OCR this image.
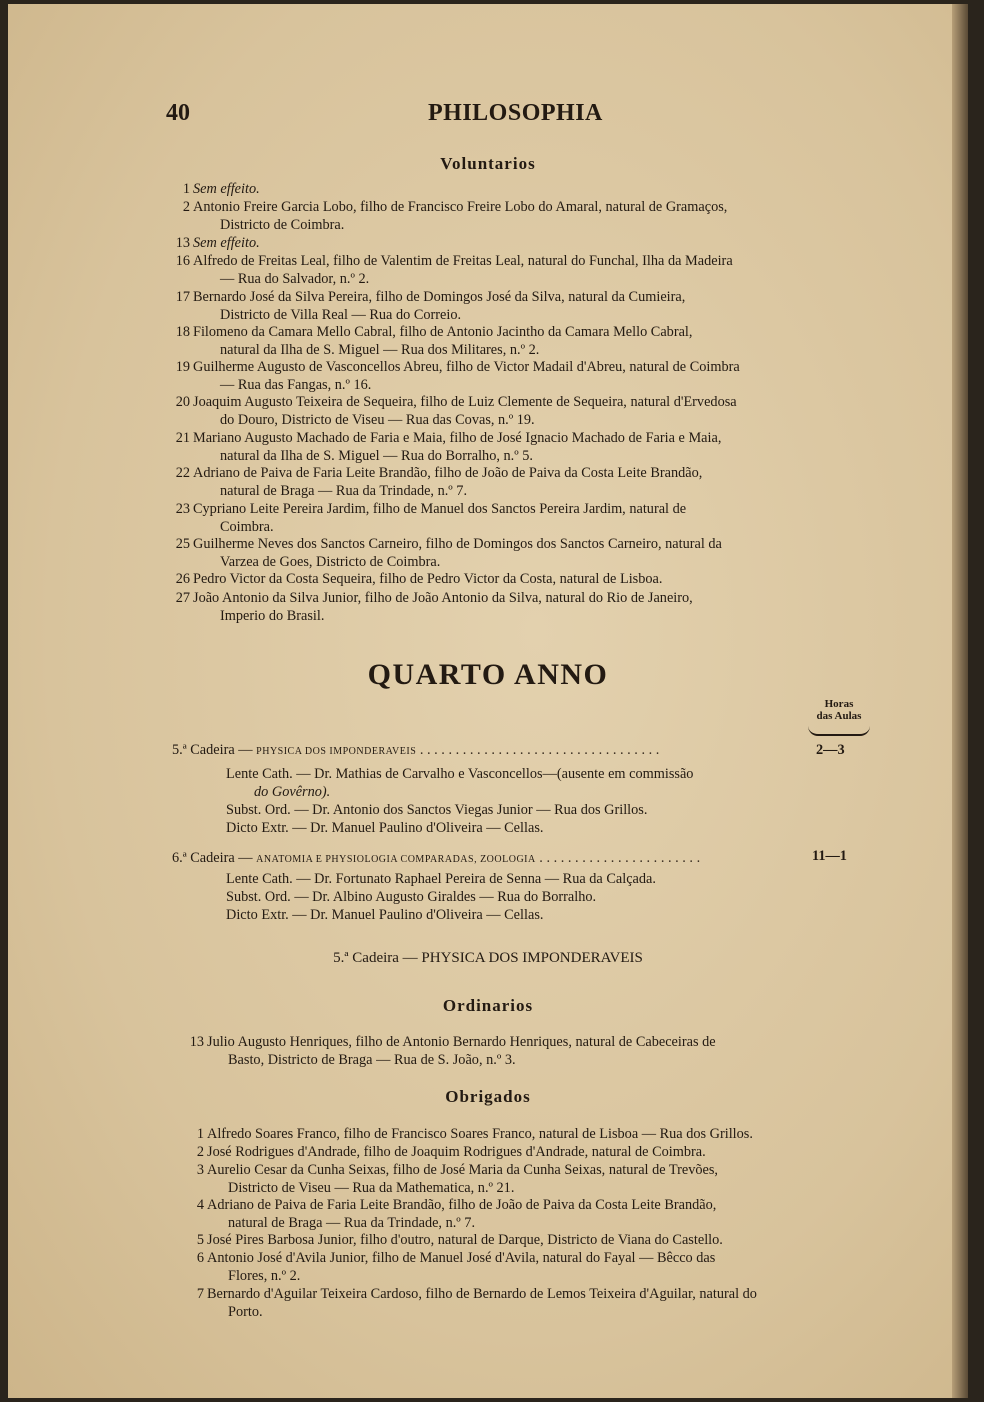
40	PHILOSOPHIA
Voluntarios
1 Sem effeito.
2 Antonio Freire Garcia Lobo, filho de Francisco Freire Lobo do Amaral, natural de Gramaços,
Districto de Coimbra.
13 Sem effeito.
16 Alfredo de Freitas Leal, filho de Valentim de Freitas Leal, natural do Funchal, Ilha da Madeira
— Rua do Salvador, n.º 2.
17 Bernardo José da Silva Pereira, filho de Domingos José da Silva, natural da Cumieira,
Districto de Villa Real — Rua do Correio.
18 Filomeno da Camara Mello Cabral, filho de Antonio Jacintho da Camara Mello Cabral,
natural da Ilha de S. Miguel — Rua dos Militares, n.º 2.
19 Guilherme Augusto de Vasconcellos Abreu, filho de Victor Madail d'Abreu, natural de Coimbra
— Rua das Fangas, n.º 16.
20 Joaquim Augusto Teixeira de Sequeira, filho de Luiz Clemente de Sequeira, natural d'Ervedosa
do Douro, Districto de Viseu — Rua das Covas, n.º 19.
21 Mariano Augusto Machado de Faria e Maia, filho de José Ignacio Machado de Faria e Maia,
natural da Ilha de S. Miguel — Rua do Borralho, n.º 5.
22 Adriano de Paiva de Faria Leite Brandão, filho de João de Paiva da Costa Leite Brandão,
natural de Braga — Rua da Trindade, n.º 7.
23 Cypriano Leite Pereira Jardim, filho de Manuel dos Sanctos Pereira Jardim, natural de
Coimbra.
25 Guilherme Neves dos Sanctos Carneiro, filho de Domingos dos Sanctos Carneiro, natural da
Varzea de Goes, Districto de Coimbra.
26 Pedro Victor da Costa Sequeira, filho de Pedro Victor da Costa, natural de Lisboa.
27 João Antonio da Silva Junior, filho de João Antonio da Silva, natural do Rio de Janeiro,
Imperio do Brasil.
QUARTO ANNO
Horas
das Aulas
5.ª Cadeira — PHYSICA DOS IMPONDERAVEIS . . . . . . . . . . . . . . . . . . . . . . . . . . . . . . . . . .	2—3
Lente Cath. — Dr. Mathias de Carvalho e Vasconcellos—(ausente em commissão
do Govêrno).
Subst. Ord. — Dr. Antonio dos Sanctos Viegas Junior — Rua dos Grillos.
Dicto Extr. — Dr. Manuel Paulino d'Oliveira — Cellas.
6.ª Cadeira — ANATOMIA E PHYSIOLOGIA COMPARADAS, ZOOLOGIA . . . . . . . . . . . . . . . . . . . . . . .	11—1
Lente Cath. — Dr. Fortunato Raphael Pereira de Senna — Rua da Calçada.
Subst. Ord. — Dr. Albino Augusto Giraldes — Rua do Borralho.
Dicto Extr. — Dr. Manuel Paulino d'Oliveira — Cellas.
5.ª Cadeira — PHYSICA DOS IMPONDERAVEIS
Ordinarios
13 Julio Augusto Henriques, filho de Antonio Bernardo Henriques, natural de Cabeceiras de
Basto, Districto de Braga — Rua de S. João, n.º 3.
Obrigados
1 Alfredo Soares Franco, filho de Francisco Soares Franco, natural de Lisboa — Rua dos Grillos.
2 José Rodrigues d'Andrade, filho de Joaquim Rodrigues d'Andrade, natural de Coimbra.
3 Aurelio Cesar da Cunha Seixas, filho de José Maria da Cunha Seixas, natural de Trevões,
Districto de Viseu — Rua da Mathematica, n.º 21.
4 Adriano de Paiva de Faria Leite Brandão, filho de João de Paiva da Costa Leite Brandão,
natural de Braga — Rua da Trindade, n.º 7.
5 José Pires Barbosa Junior, filho d'outro, natural de Darque, Districto de Viana do Castello.
6 Antonio José d'Avila Junior, filho de Manuel José d'Avila, natural do Fayal — Bêcco das
Flores, n.º 2.
7 Bernardo d'Aguilar Teixeira Cardoso, filho de Bernardo de Lemos Teixeira d'Aguilar, natural do
Porto.
